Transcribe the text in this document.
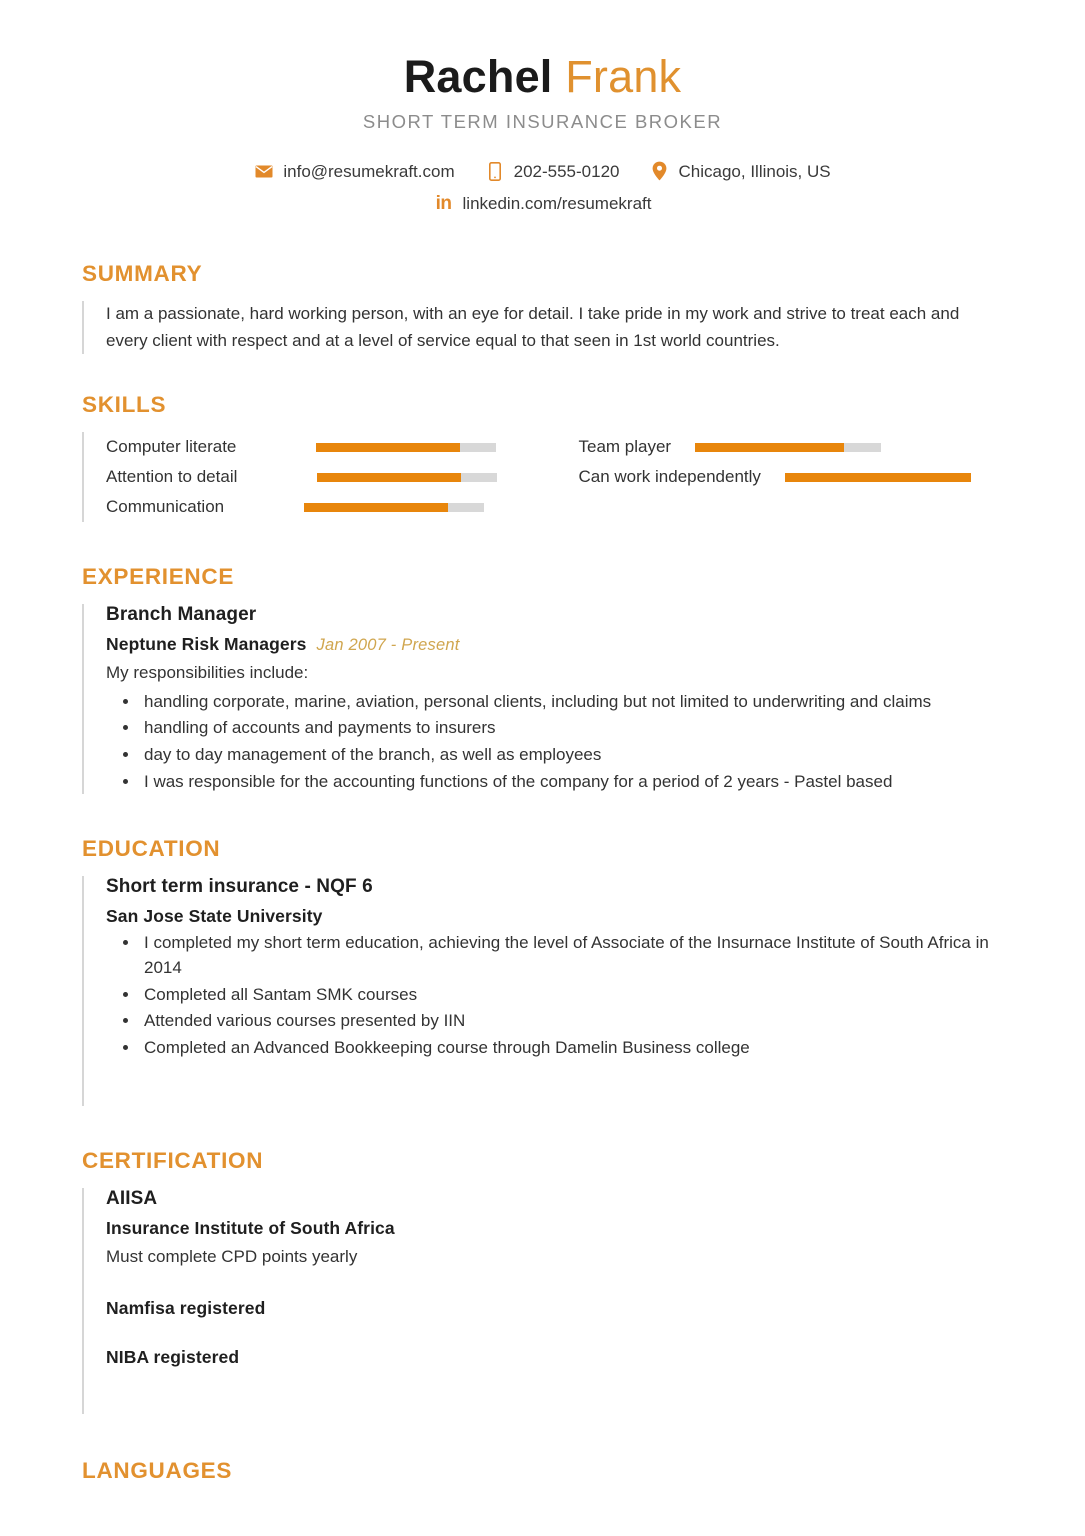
Rachel Frank
SHORT TERM INSURANCE BROKER
info@resumekraft.com	202-555-0120	Chicago, Illinois, US
in linkedin.com/resumekraft
SUMMARY

I am a passionate, hard working person, with an eye for detail. I take pride in my work and strive to treat each and every client with respect and at a level of service equal to that seen in 1st world countries.

SKILLS
Computer literate
Attention to detail
Communication
Team player
Can work independently
EXPERIENCE
Branch Manager
Neptune Risk Managers Jan 2007 - Present
My responsibilities include:
• handling corporate, marine, aviation, personal clients, including but not limited to underwriting and claims
• handling of accounts and payments to insurers
• day to day management of the branch, as well as employees
• I was responsible for the accounting functions of the company for a period of 2 years - Pastel based
EDUCATION
Short term insurance - NQF 6
San Jose State University
• I completed my short term education, achieving the level of Associate of the Insurnace Institute of South Africa in 2014
• Completed all Santam SMK courses
• Attended various courses presented by IIN
• Completed an Advanced Bookkeeping course through Damelin Business college
CERTIFICATION
AIISA
Insurance Institute of South Africa
Must complete CPD points yearly
Namfisa registered
NIBA registered
LANGUAGES
